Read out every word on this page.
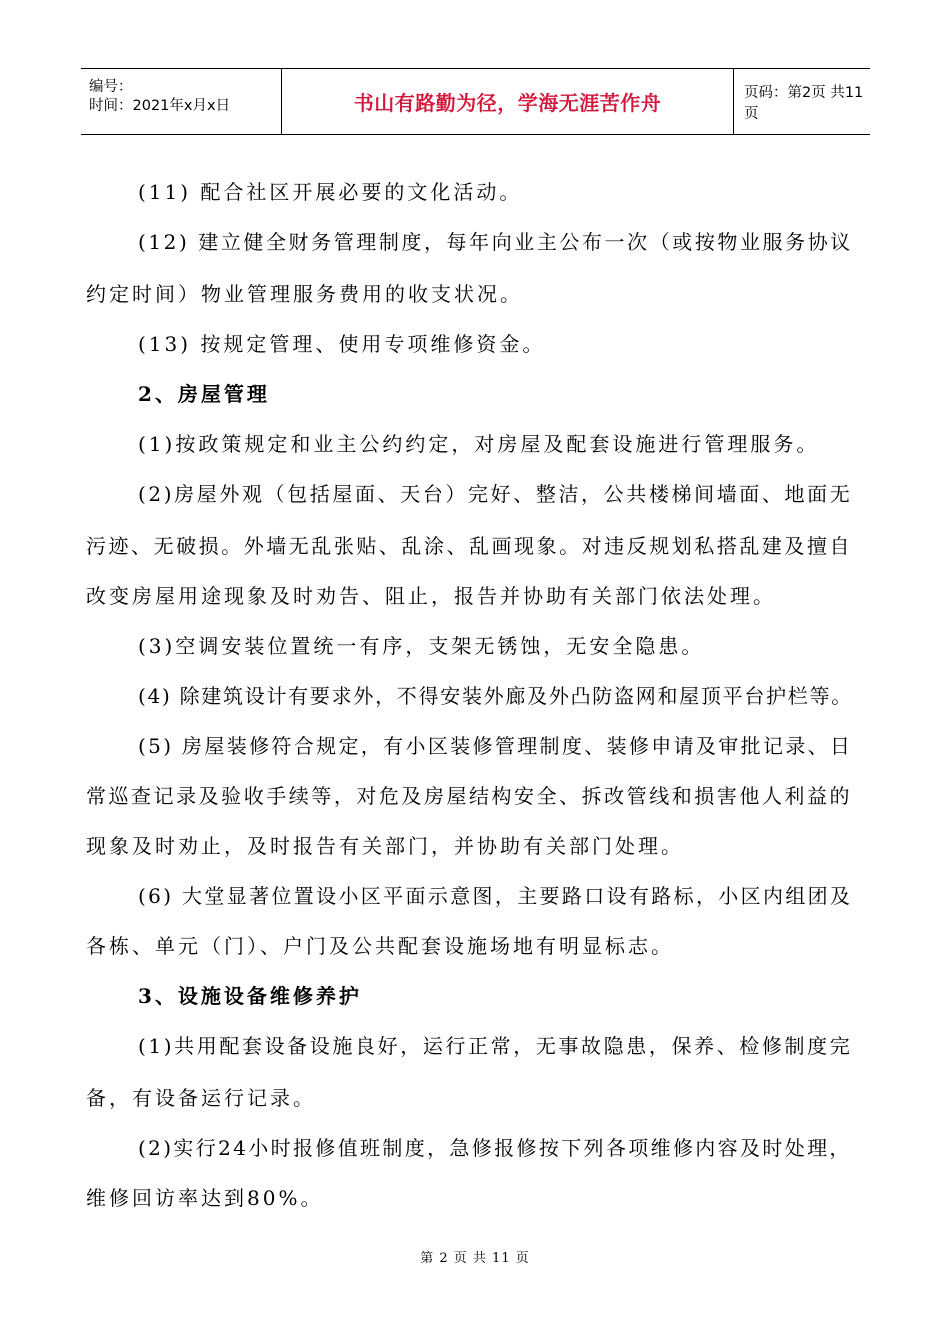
编号：
时间：2021年x月x日	书山有路勤为径，学海无涯苦作舟	页码：第2页 共11页
(11) 配合社区开展必要的文化活动。
(12) 建立健全财务管理制度，每年向业主公布一次（或按物业服务协议
约定时间）物业管理服务费用的收支状况。
(13) 按规定管理、使用专项维修资金。
2、房屋管理
(1)按政策规定和业主公约约定，对房屋及配套设施进行管理服务。
(2)房屋外观（包括屋面、天台）完好、整洁，公共楼梯间墙面、地面无
污迹、无破损。外墙无乱张贴、乱涂、乱画现象。对违反规划私搭乱建及擅自
改变房屋用途现象及时劝告、阻止，报告并协助有关部门依法处理。
(3)空调安装位置统一有序，支架无锈蚀，无安全隐患。
(4) 除建筑设计有要求外，不得安装外廊及外凸防盗网和屋顶平台护栏等。
(5) 房屋装修符合规定，有小区装修管理制度、装修申请及审批记录、日
常巡查记录及验收手续等，对危及房屋结构安全、拆改管线和损害他人利益的
现象及时劝止，及时报告有关部门，并协助有关部门处理。
(6) 大堂显著位置设小区平面示意图，主要路口设有路标，小区内组团及
各栋、单元（门）、户门及公共配套设施场地有明显标志。
3、设施设备维修养护
(1)共用配套设备设施良好，运行正常，无事故隐患，保养、检修制度完
备，有设备运行记录。
(2)实行24小时报修值班制度，急修报修按下列各项维修内容及时处理，
维修回访率达到80%。
第 2 页 共 11 页
